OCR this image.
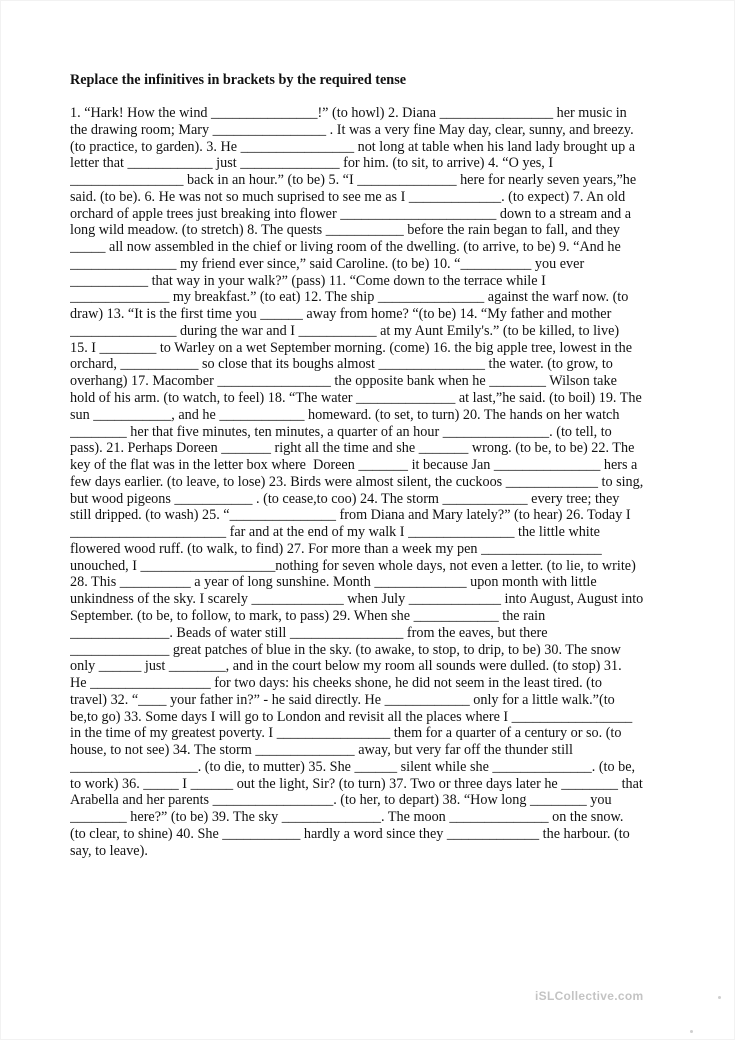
Replace the infinitives in brackets by the required tense
1. “Hark! How the wind _______________!” (to howl) 2. Diana ________________ her music in
the drawing room; Mary ________________ . It was a very fine May day, clear, sunny, and breezy.
(to practice, to garden). 3. He ________________ not long at table when his land lady brought up a
letter that ____________ just ______________ for him. (to sit, to arrive) 4. “O yes, I
________________ back in an hour.” (to be) 5. “I ______________ here for nearly seven years,”he
said. (to be). 6. He was not so much suprised to see me as I _____________. (to expect) 7. An old
orchard of apple trees just breaking into flower ______________________ down to a stream and a
long wild meadow. (to stretch) 8. The quests ___________ before the rain began to fall, and they
_____ all now assembled in the chief or living room of the dwelling. (to arrive, to be) 9. “And he
_______________ my friend ever since,” said Caroline. (to be) 10. “__________ you ever
___________ that way in your walk?” (pass) 11. “Come down to the terrace while I
______________ my breakfast.” (to eat) 12. The ship _______________ against the warf now. (to
draw) 13. “It is the first time you ______ away from home? “(to be) 14. “My father and mother
_______________ during the war and I ___________ at my Aunt Emily's.” (to be killed, to live)
15. I ________ to Warley on a wet September morning. (come) 16. the big apple tree, lowest in the
orchard, ___________ so close that its boughs almost _______________ the water. (to grow, to
overhang) 17. Macomber ________________ the opposite bank when he ________ Wilson take
hold of his arm. (to watch, to feel) 18. “The water ______________ at last,”he said. (to boil) 19. The
sun ___________, and he ____________ homeward. (to set, to turn) 20. The hands on her watch
________ her that five minutes, ten minutes, a quarter of an hour _______________. (to tell, to
pass). 21. Perhaps Doreen _______ right all the time and she _______ wrong. (to be, to be) 22. The
key of the flat was in the letter box where  Doreen _______ it because Jan _______________ hers a
few days earlier. (to leave, to lose) 23. Birds were almost silent, the cuckoos _____________ to sing,
but wood pigeons ___________ . (to cease,to coo) 24. The storm ____________ every tree; they
still dripped. (to wash) 25. “_______________ from Diana and Mary lately?” (to hear) 26. Today I
______________________ far and at the end of my walk I _______________ the little white
flowered wood ruff. (to walk, to find) 27. For more than a week my pen _________________
unouched, I ___________________nothing for seven whole days, not even a letter. (to lie, to write)
28. This __________ a year of long sunshine. Month _____________ upon month with little
unkindness of the sky. I scarely _____________ when July _____________ into August, August into
September. (to be, to follow, to mark, to pass) 29. When she ____________ the rain
______________. Beads of water still ________________ from the eaves, but there
______________ great patches of blue in the sky. (to awake, to stop, to drip, to be) 30. The snow
only ______ just ________, and in the court below my room all sounds were dulled. (to stop) 31.
He _________________ for two days: his cheeks shone, he did not seem in the least tired. (to
travel) 32. “____ your father in?” - he said directly. He ____________ only for a little walk.”(to
be,to go) 33. Some days I will go to London and revisit all the places where I _________________
in the time of my greatest poverty. I ________________ them for a quarter of a century or so. (to
house, to not see) 34. The storm ______________ away, but very far off the thunder still
__________________. (to die, to mutter) 35. She ______ silent while she ______________. (to be,
to work) 36. _____ I ______ out the light, Sir? (to turn) 37. Two or three days later he ________ that
Arabella and her parents _________________. (to her, to depart) 38. “How long ________ you
________ here?” (to be) 39. The sky ______________. The moon ______________ on the snow.
(to clear, to shine) 40. She ___________ hardly a word since they _____________ the harbour. (to
say, to leave).
iSLCollective.com
